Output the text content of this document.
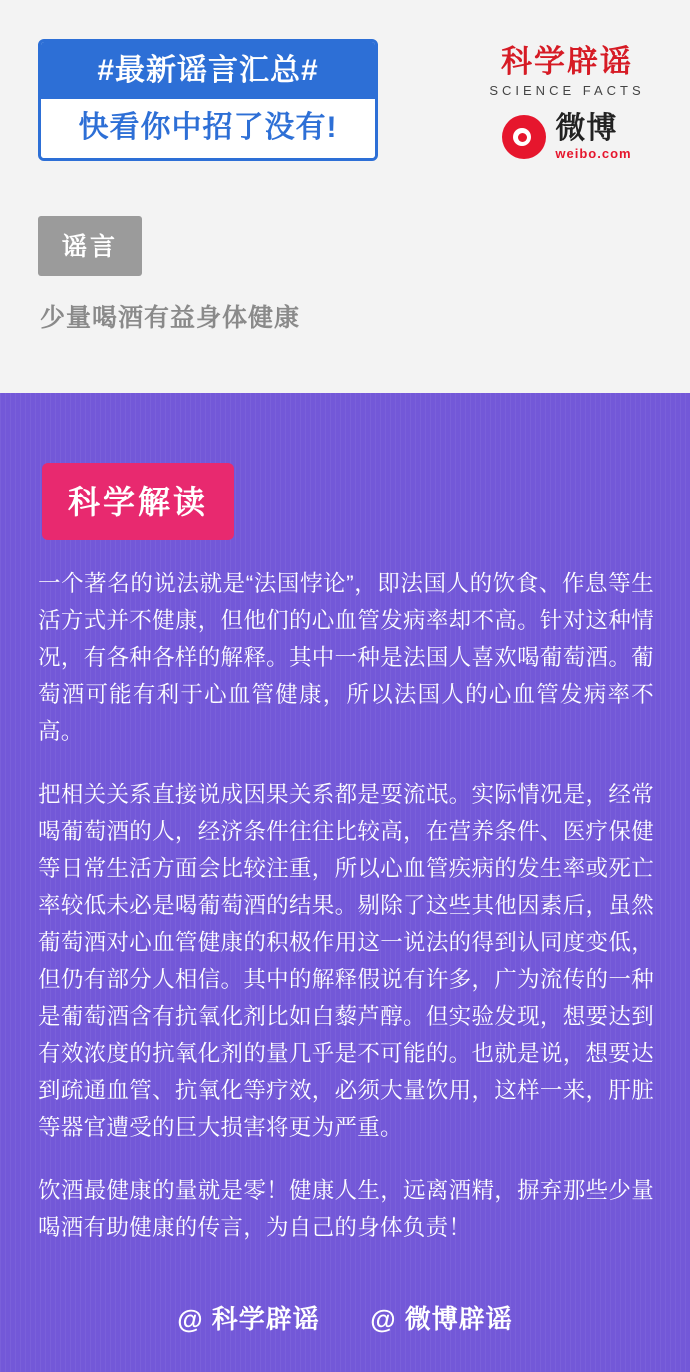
#最新谣言汇总#
快看你中招了没有!
科学辟谣
SCIENCE FACTS
微博
weibo.com
谣言
少量喝酒有益身体健康
科学解读

一个著名的说法就是“法国悖论”，即法国人的饮食、作息等生活方式并不健康，但他们的心血管发病率却不高。针对这种情况，有各种各样的解释。其中一种是法国人喜欢喝葡萄酒。葡萄酒可能有利于心血管健康，所以法国人的心血管发病率不高。

把相关关系直接说成因果关系都是耍流氓。实际情况是，经常喝葡萄酒的人，经济条件往往比较高，在营养条件、医疗保健等日常生活方面会比较注重，所以心血管疾病的发生率或死亡率较低未必是喝葡萄酒的结果。剔除了这些其他因素后，虽然葡萄酒对心血管健康的积极作用这一说法的得到认同度变低，但仍有部分人相信。其中的解释假说有许多，广为流传的一种是葡萄酒含有抗氧化剂比如白藜芦醇。但实验发现，想要达到有效浓度的抗氧化剂的量几乎是不可能的。也就是说，想要达到疏通血管、抗氧化等疗效，必须大量饮用，这样一来，肝脏等器官遭受的巨大损害将更为严重。

饮酒最健康的量就是零！健康人生，远离酒精，摒弃那些少量喝酒有助健康的传言，为自己的身体负责！

@ 科学辟谣 @ 微博辟谣
